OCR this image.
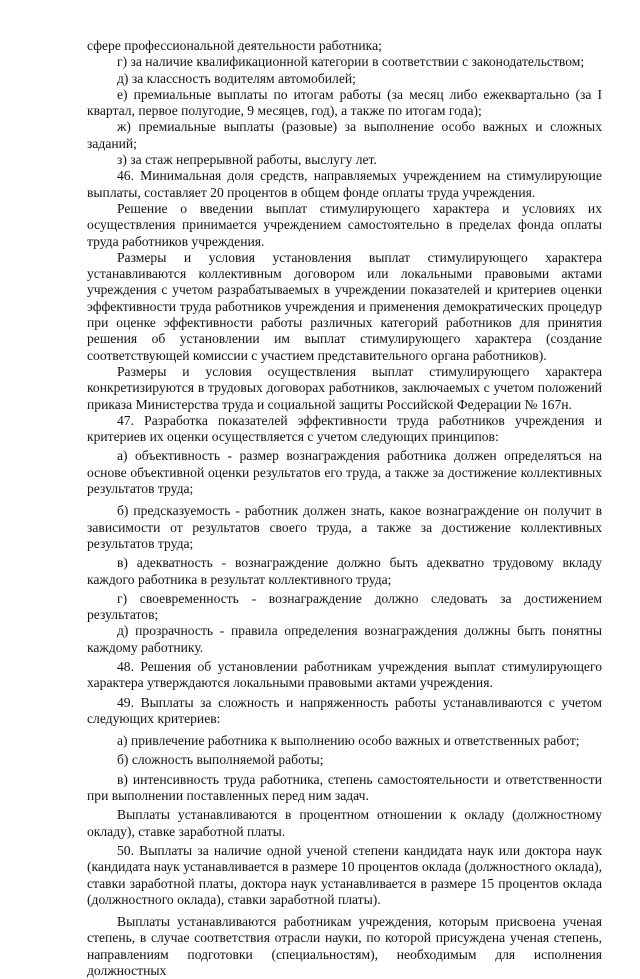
сфере профессиональной деятельности работника;

г) за наличие квалификационной категории в соответствии с законодательством;

д) за классность водителям автомобилей;

е) премиальные выплаты по итогам работы (за месяц либо ежеквартально (за I квартал, первое полугодие, 9 месяцев, год), а также по итогам года);

ж) премиальные выплаты (разовые) за выполнение особо важных и сложных заданий;

з) за стаж непрерывной работы, выслугу лет.

46. Минимальная доля средств, направляемых учреждением на стимулирующие выплаты, составляет 20 процентов в общем фонде оплаты труда учреждения.

Решение о введении выплат стимулирующего характера и условиях их осуществления принимается учреждением самостоятельно в пределах фонда оплаты труда работников учреждения.

Размеры и условия установления выплат стимулирующего характера устанавливаются коллективным договором или локальными правовыми актами учреждения с учетом разрабатываемых в учреждении показателей и критериев оценки эффективности труда работников учреждения и применения демократических процедур при оценке эффективности работы различных категорий работников для принятия решения об установлении им выплат стимулирующего характера (создание соответствующей комиссии с участием представительного органа работников).

Размеры и условия осуществления выплат стимулирующего характера конкретизируются в трудовых договорах работников, заключаемых с учетом положений приказа Министерства труда и социальной защиты Российской Федерации № 167н.

47. Разработка показателей эффективности труда работников учреждения и критериев их оценки осуществляется с учетом следующих принципов:

а) объективность - размер вознаграждения работника должен определяться на основе объективной оценки результатов его труда, а также за достижение коллективных результатов труда;

б) предсказуемость - работник должен знать, какое вознаграждение он получит в зависимости от результатов своего труда, а также за достижение коллективных результатов труда;

в) адекватность - вознаграждение должно быть адекватно трудовому вкладу каждого работника в результат коллективного труда;

г) своевременность - вознаграждение должно следовать за достижением результатов;

д) прозрачность - правила определения вознаграждения должны быть понятны каждому работнику.

48. Решения об установлении работникам учреждения выплат стимулирующего характера утверждаются локальными правовыми актами учреждения.

49. Выплаты за сложность и напряженность работы устанавливаются с учетом следующих критериев:

а) привлечение работника к выполнению особо важных и ответственных работ;

б) сложность выполняемой работы;

в) интенсивность труда работника, степень самостоятельности и ответственности при выполнении поставленных перед ним задач.

Выплаты устанавливаются в процентном отношении к окладу (должностному окладу), ставке заработной платы.

50. Выплаты за наличие одной ученой степени кандидата наук или доктора наук (кандидата наук устанавливается в размере 10 процентов оклада (должностного оклада), ставки заработной платы, доктора наук устанавливается в размере 15 процентов оклада (должностного оклада), ставки заработной платы).

Выплаты устанавливаются работникам учреждения, которым присвоена ученая степень, в случае соответствия отрасли науки, по которой присуждена ученая степень, направлениям подготовки (специальностям), необходимым для исполнения должностных
